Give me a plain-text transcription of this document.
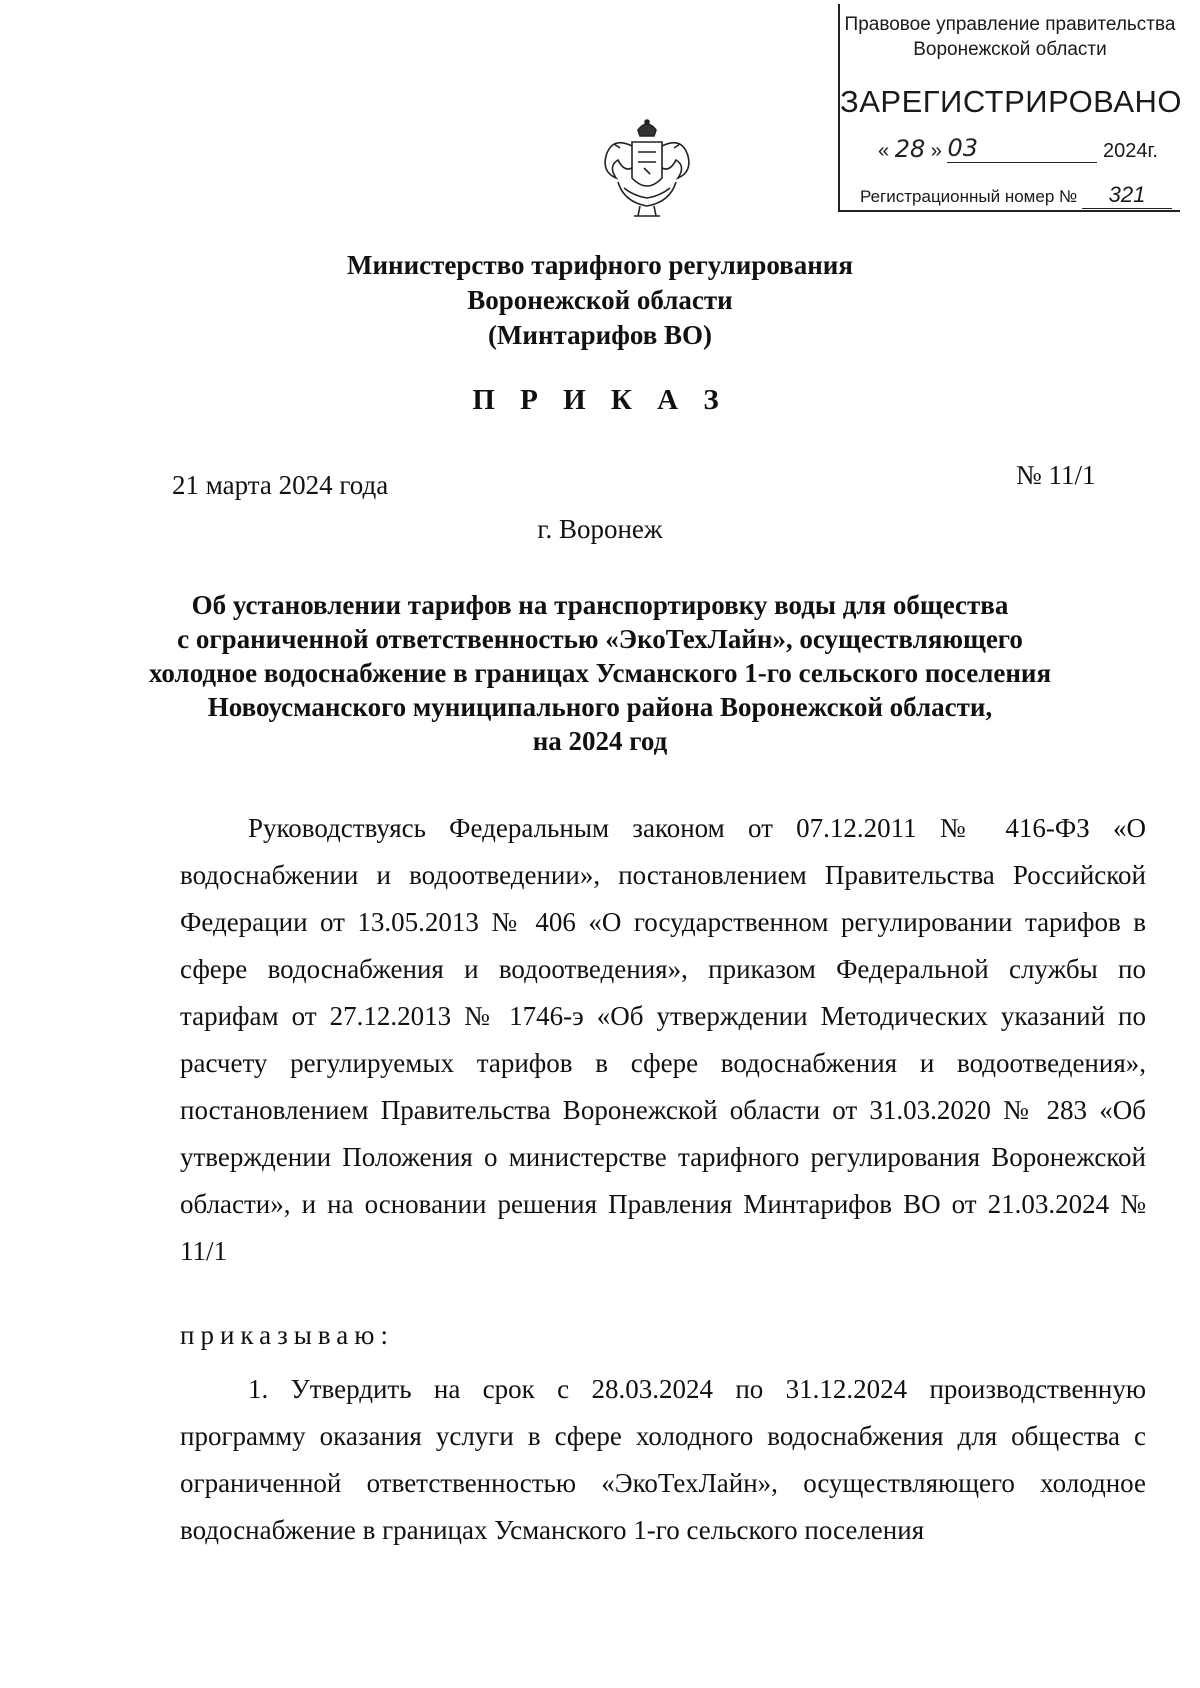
Правовое управление правительства
Воронежской области
ЗАРЕГИСТРИРОВАНО
« 28 » 03	2024г.
Регистрационный номер № 321
Министерство тарифного регулирования
Воронежской области
(Минтарифов ВО)
П Р И К А З
21 марта 2024 года	№ 11/1
г. Воронеж
Об установлении тарифов на транспортировку воды для общества
с ограниченной ответственностью «ЭкоТехЛайн», осуществляющего
холодное водоснабжение в границах Усманского 1-го сельского поселения
Новоусманского муниципального района Воронежской области,
на 2024 год
Руководствуясь Федеральным законом от 07.12.2011 № 416-ФЗ «О водоснабжении и водоотведении», постановлением Правительства Российской Федерации от 13.05.2013 № 406 «О государственном регулировании тарифов в сфере водоснабжения и водоотведения», приказом Федеральной службы по тарифам от 27.12.2013 № 1746-э «Об утверждении Методических указаний по расчету регулируемых тарифов в сфере водоснабжения и водоотведения», постановлением Правительства Воронежской области от 31.03.2020 № 283 «Об утверждении Положения о министерстве тарифного регулирования Воронежской области», и на основании решения Правления Минтарифов ВО от 21.03.2024 № 11/1
приказываю:
1. Утвердить на срок с 28.03.2024 по 31.12.2024 производственную программу оказания услуги в сфере холодного водоснабжения для общества с ограниченной ответственностью «ЭкоТехЛайн», осуществляющего холодное водоснабжение в границах Усманского 1-го сельского поселения
